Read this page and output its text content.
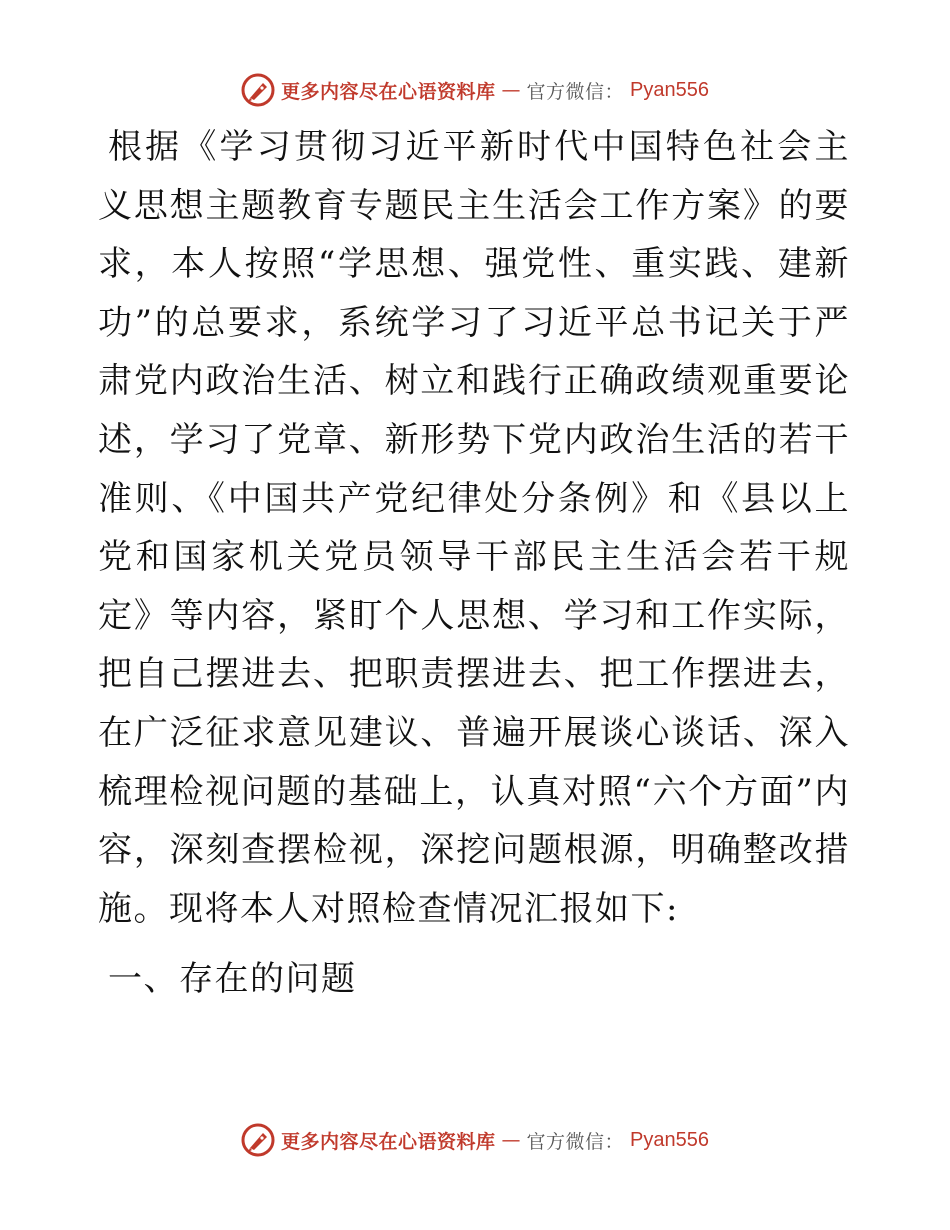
更多内容尽在心语资料库 — 官方微信： Pyan556

根据《学习贯彻习近平新时代中国特色社会主义思想主题教育专题民主生活会工作方案》的要求，本人按照“学思想、强党性、重实践、建新功”的总要求，系统学习了习近平总书记关于严肃党内政治生活、树立和践行正确政绩观重要论述，学习了党章、新形势下党内政治生活的若干准则、《中国共产党纪律处分条例》和《县以上党和国家机关党员领导干部民主生活会若干规定》等内容，紧盯个人思想、学习和工作实际，把自己摆进去、把职责摆进去、把工作摆进去，在广泛征求意见建议、普遍开展谈心谈话、深入梳理检视问题的基础上，认真对照“六个方面”内容，深刻查摆检视，深挖问题根源，明确整改措施。现将本人对照检查情况汇报如下:

一、存在的问题
更多内容尽在心语资料库 — 官方微信： Pyan556
